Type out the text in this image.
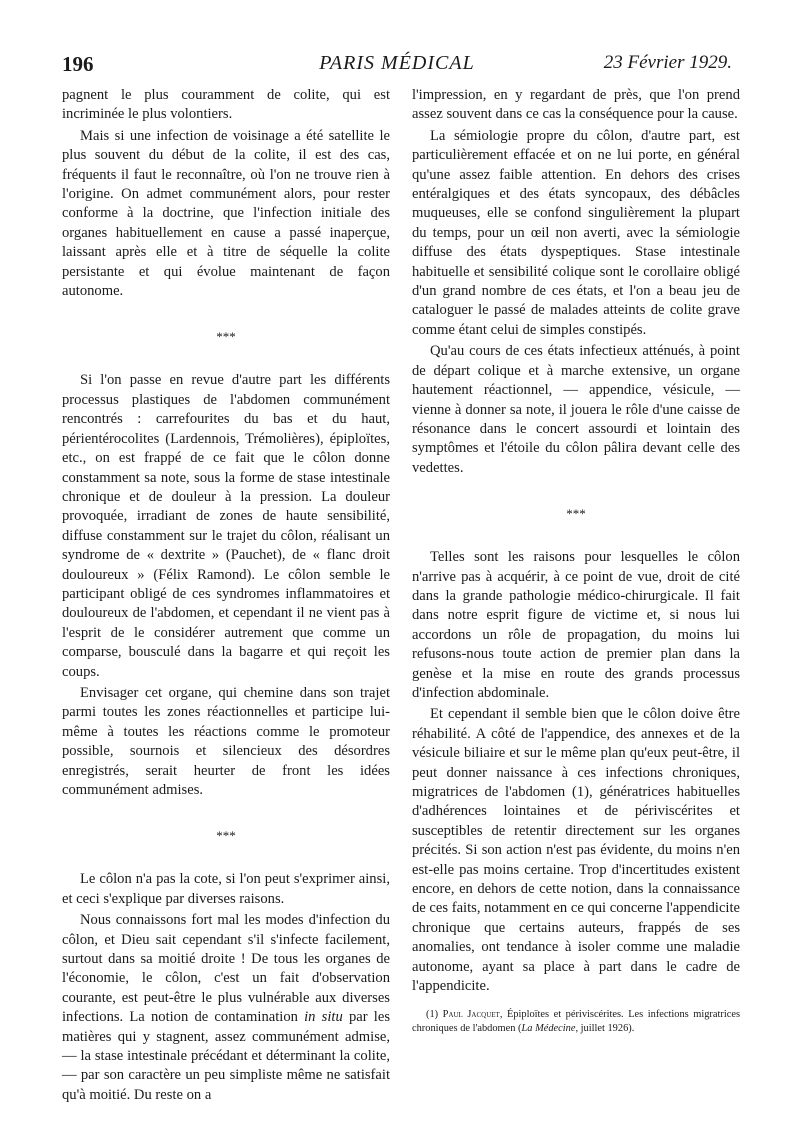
196	PARIS MÉDICAL	23 Février 1929.

pagnent le plus couramment de colite, qui est incriminée le plus volontiers.

Mais si une infection de voisinage a été satellite le plus souvent du début de la colite, il est des cas, fréquents il faut le reconnaître, où l'on ne trouve rien à l'origine. On admet communément alors, pour rester conforme à la doctrine, que l'infection initiale des organes habituellement en cause a passé inaperçue, laissant après elle et à titre de séquelle la colite persistante et qui évolue maintenant de façon autonome.

***

Si l'on passe en revue d'autre part les différents processus plastiques de l'abdomen communément rencontrés : carrefourites du bas et du haut, périentérocolites (Lardennois, Trémolières), épiploïtes, etc., on est frappé de ce fait que le côlon donne constamment sa note, sous la forme de stase intestinale chronique et de douleur à la pression. La douleur provoquée, irradiant de zones de haute sensibilité, diffuse constamment sur le trajet du côlon, réalisant un syndrome de « dextrite » (Pauchet), de « flanc droit douloureux » (Félix Ramond). Le côlon semble le participant obligé de ces syndromes inflammatoires et douloureux de l'abdomen, et cependant il ne vient pas à l'esprit de le considérer autrement que comme un comparse, bousculé dans la bagarre et qui reçoit les coups.

Envisager cet organe, qui chemine dans son trajet parmi toutes les zones réactionnelles et participe lui-même à toutes les réactions comme le promoteur possible, sournois et silencieux des désordres enregistrés, serait heurter de front les idées communément admises.

***

Le côlon n'a pas la cote, si l'on peut s'exprimer ainsi, et ceci s'explique par diverses raisons.

Nous connaissons fort mal les modes d'infection du côlon, et Dieu sait cependant s'il s'infecte facilement, surtout dans sa moitié droite ! De tous les organes de l'économie, le côlon, c'est un fait d'observation courante, est peut-être le plus vulnérable aux diverses infections. La notion de contamination in situ par les matières qui y stagnent, assez communément admise, — la stase intestinale précédant et déterminant la colite, — par son caractère un peu simpliste même ne satisfait qu'à moitié. Du reste on a

l'impression, en y regardant de près, que l'on prend assez souvent dans ce cas la conséquence pour la cause.

La sémiologie propre du côlon, d'autre part, est particulièrement effacée et on ne lui porte, en général qu'une assez faible attention. En dehors des crises entéralgiques et des états syncopaux, des débâcles muqueuses, elle se confond singulièrement la plupart du temps, pour un œil non averti, avec la sémiologie diffuse des états dyspeptiques. Stase intestinale habituelle et sensibilité colique sont le corollaire obligé d'un grand nombre de ces états, et l'on a beau jeu de cataloguer le passé de malades atteints de colite grave comme étant celui de simples constipés.

Qu'au cours de ces états infectieux atténués, à point de départ colique et à marche extensive, un organe hautement réactionnel, — appendice, vésicule, — vienne à donner sa note, il jouera le rôle d'une caisse de résonance dans le concert assourdi et lointain des symptômes et l'étoile du côlon pâlira devant celle des vedettes.

***

Telles sont les raisons pour lesquelles le côlon n'arrive pas à acquérir, à ce point de vue, droit de cité dans la grande pathologie médico-chirurgicale. Il fait dans notre esprit figure de victime et, si nous lui accordons un rôle de propagation, du moins lui refusons-nous toute action de premier plan dans la genèse et la mise en route des grands processus d'infection abdominale.

Et cependant il semble bien que le côlon doive être réhabilité. A côté de l'appendice, des annexes et de la vésicule biliaire et sur le même plan qu'eux peut-être, il peut donner naissance à ces infections chroniques, migratrices de l'abdomen (1), génératrices habituelles d'adhérences lointaines et de périviscérites et susceptibles de retentir directement sur les organes précités. Si son action n'est pas évidente, du moins n'en est-elle pas moins certaine. Trop d'incertitudes existent encore, en dehors de cette notion, dans la connaissance de ces faits, notamment en ce qui concerne l'appendicite chronique que certains auteurs, frappés de ses anomalies, ont tendance à isoler comme une maladie autonome, ayant sa place à part dans le cadre de l'appendicite.

(1) Paul Jacquet, Épiploïtes et périviscérites. Les infections migratrices chroniques de l'abdomen (La Médecine, juillet 1926).
